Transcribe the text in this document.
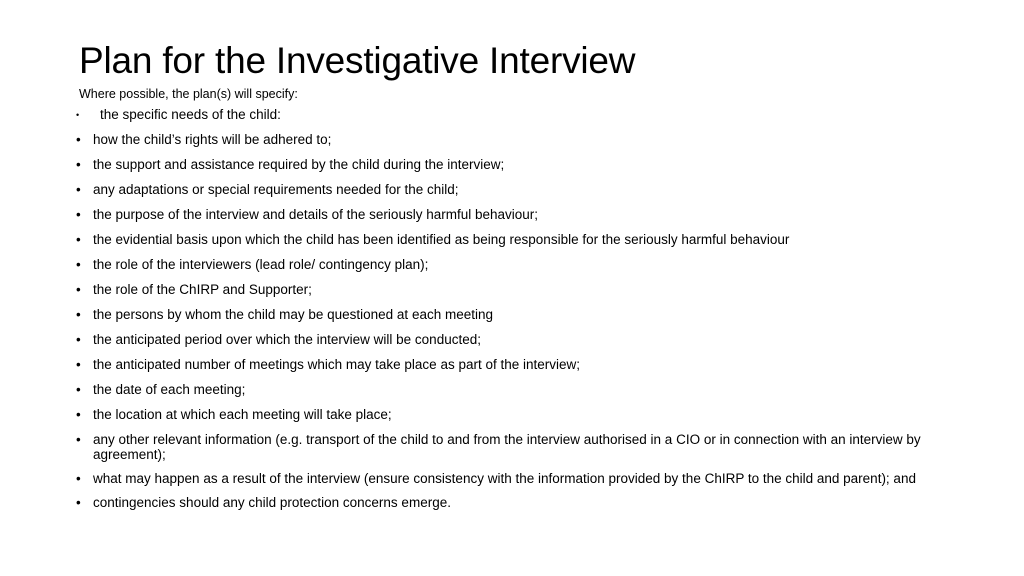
Plan for the Investigative Interview
Where possible, the plan(s) will specify:
•	the specific needs of the child:
• how the child’s rights will be adhered to;
• the support and assistance required by the child during the interview;
• any adaptations or special requirements needed for the child;
• the purpose of the interview and details of the seriously harmful behaviour;
• the evidential basis upon which the child has been identified as being responsible for the seriously harmful behaviour
• the role of the interviewers (lead role/ contingency plan);
• the role of the ChIRP and Supporter;
• the persons by whom the child may be questioned at each meeting
• the anticipated period over which the interview will be conducted;
• the anticipated number of meetings which may take place as part of the interview;
• the date of each meeting;
• the location at which each meeting will take place;
• any other relevant information (e.g. transport of the child to and from the interview authorised in a CIO or in connection with an interview by agreement);
• what may happen as a result of the interview (ensure consistency with the information provided by the ChIRP to the child and parent); and
• contingencies should any child protection concerns emerge.
